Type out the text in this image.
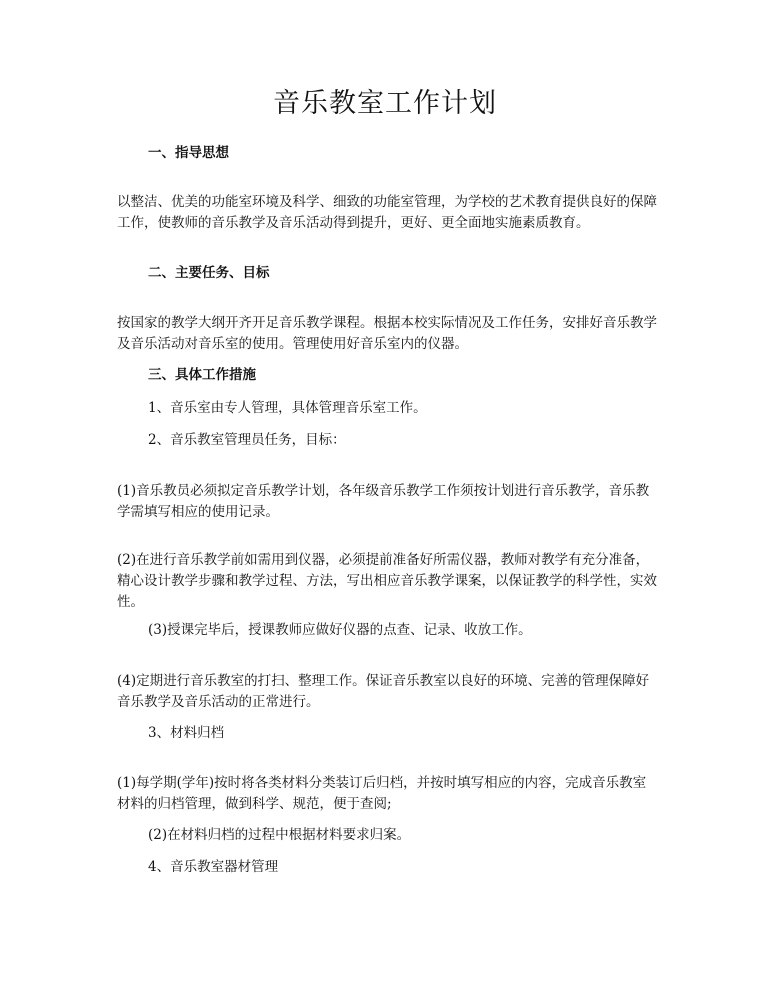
音乐教室工作计划
一、指导思想
以整洁、优美的功能室环境及科学、细致的功能室管理，为学校的艺术教育提供良好的保障工作，使教师的音乐教学及音乐活动得到提升，更好、更全面地实施素质教育。
二、主要任务、目标
按国家的教学大纲开齐开足音乐教学课程。根据本校实际情况及工作任务，安排好音乐教学及音乐活动对音乐室的使用。管理使用好音乐室内的仪器。
三、具体工作措施
1、音乐室由专人管理，具体管理音乐室工作。
2、音乐教室管理员任务，目标：
(1)音乐教员必须拟定音乐教学计划，各年级音乐教学工作须按计划进行音乐教学，音乐教学需填写相应的使用记录。
(2)在进行音乐教学前如需用到仪器，必须提前准备好所需仪器，教师对教学有充分准备，精心设计教学步骤和教学过程、方法，写出相应音乐教学课案，以保证教学的科学性，实效性。
(3)授课完毕后，授课教师应做好仪器的点查、记录、收放工作。
(4)定期进行音乐教室的打扫、整理工作。保证音乐教室以良好的环境、完善的管理保障好音乐教学及音乐活动的正常进行。
3、材料归档
(1)每学期(学年)按时将各类材料分类装订后归档，并按时填写相应的内容，完成音乐教室材料的归档管理，做到科学、规范，便于查阅;
(2)在材料归档的过程中根据材料要求归案。
4、音乐教室器材管理
